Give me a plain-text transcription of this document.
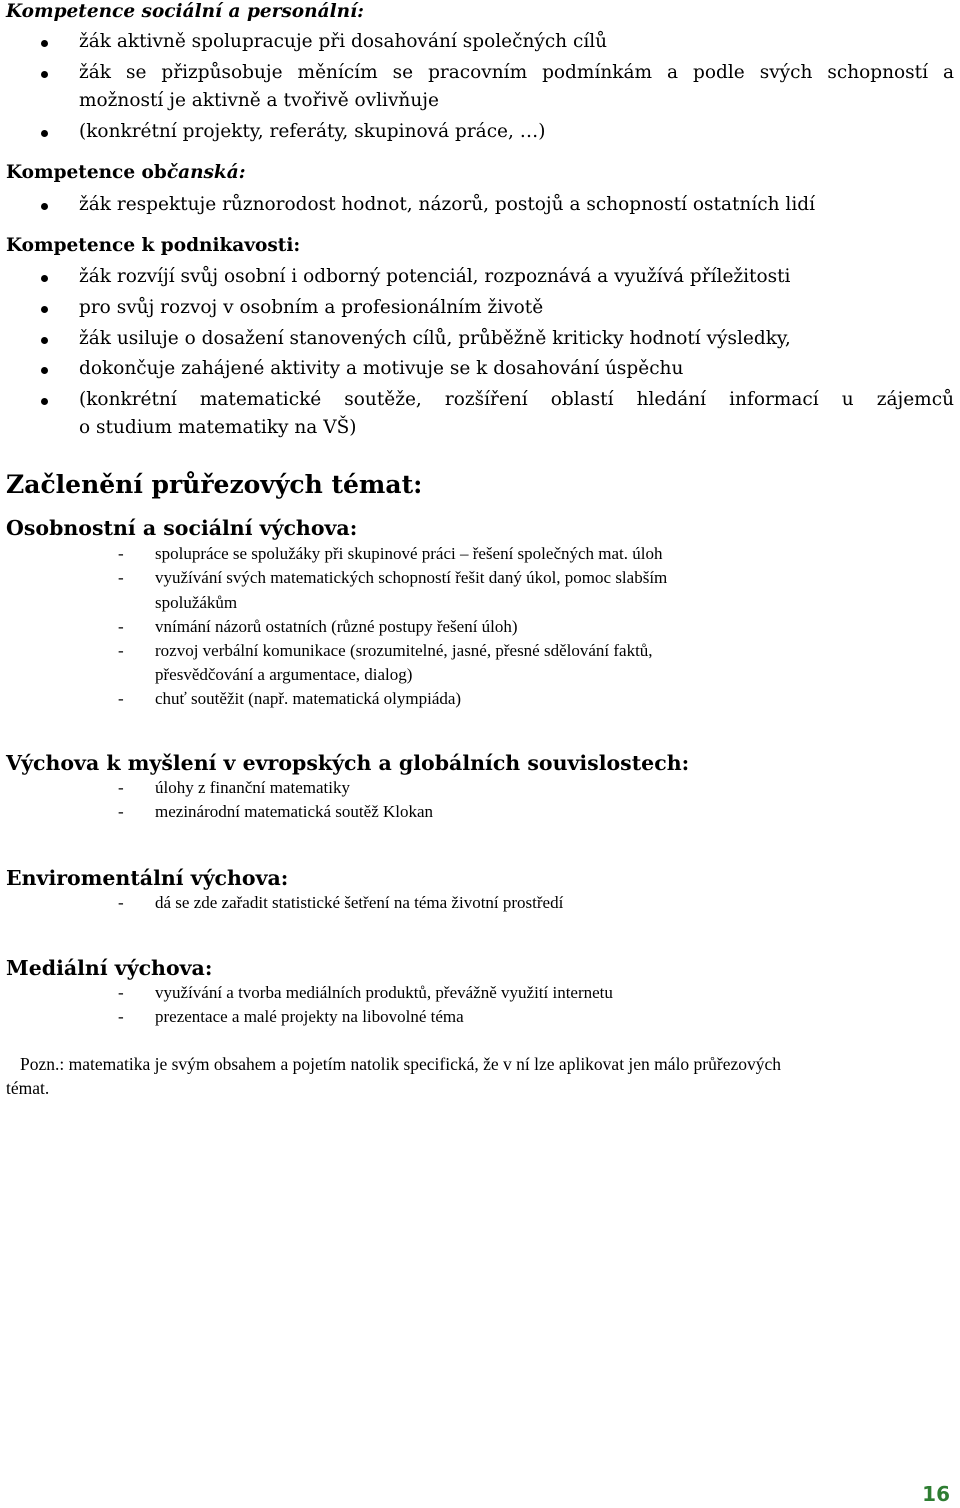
Kompetence sociální a personální:
žák aktivně spolupracuje při dosahování společných cílů
žák se přizpůsobuje měnícím se pracovním podmínkám a podle svých schopností a
možností je aktivně a tvořivě ovlivňuje
(konkrétní projekty, referáty, skupinová práce, …)
Kompetence občanská:
žák respektuje různorodost hodnot, názorů, postojů a schopností ostatních lidí
Kompetence k podnikavosti:
žák rozvíjí svůj osobní i odborný potenciál, rozpoznává a využívá příležitosti
pro svůj rozvoj v osobním a profesionálním životě
žák usiluje o dosažení stanovených cílů, průběžně kriticky hodnotí výsledky,
dokončuje zahájené aktivity a motivuje se k dosahování úspěchu
(konkrétní matematické soutěže, rozšíření oblastí hledání informací u zájemců
o studium matematiky na VŠ)
Začlenění průřezových témat:
Osobnostní a sociální výchova:
- spolupráce se spolužáky při skupinové práci – řešení společných mat. úloh
- využívání svých matematických schopností řešit daný úkol, pomoc slabším
spolužákům
- vnímání názorů ostatních (různé postupy řešení úloh)
- rozvoj verbální komunikace (srozumitelné, jasné, přesné sdělování faktů,
přesvědčování a argumentace, dialog)
- chuť soutěžit (např. matematická olympiáda)
Výchova k myšlení v evropských a globálních souvislostech:
- úlohy z finanční matematiky
- mezinárodní matematická soutěž Klokan
Enviromentální výchova:
- dá se zde zařadit statistické šetření na téma životní prostředí
Mediální výchova:
- využívání a tvorba mediálních produktů, převážně využití internetu
- prezentace a malé projekty na libovolné téma
Pozn.: matematika je svým obsahem a pojetím natolik specifická, že v ní lze aplikovat jen málo průřezových
témat.
16
